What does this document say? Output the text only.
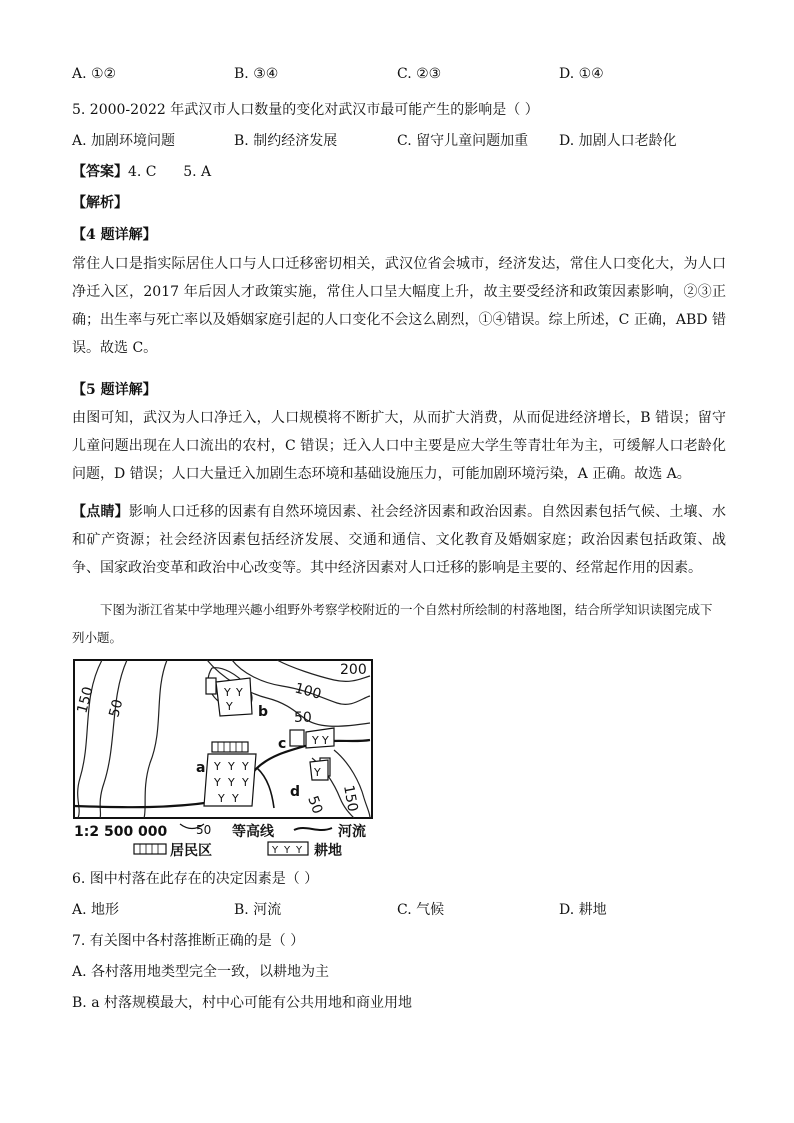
A. ①②	B. ③④	C. ②③	D. ①④
5. 2000-2022 年武汉市人口数量的变化对武汉市最可能产生的影响是（ ）
A. 加剧环境问题	B. 制约经济发展	C. 留守儿童问题加重 D. 加剧人口老龄化
【答案】4. C      5. A
【解析】
【4 题详解】
常住人口是指实际居住人口与人口迁移密切相关，武汉位省会城市，经济发达，常住人口变化大，为人口净迁入区，2017 年后因人才政策实施，常住人口呈大幅度上升，故主要受经济和政策因素影响，②③正确；出生率与死亡率以及婚姻家庭引起的人口变化不会这么剧烈，①④错误。综上所述，C 正确，ABD 错误。故选 C。
【5 题详解】
由图可知，武汉为人口净迁入，人口规模将不断扩大，从而扩大消费，从而促进经济增长，B 错误；留守儿童问题出现在人口流出的农村，C 错误；迁入人口中主要是应大学生等青壮年为主，可缓解人口老龄化问题，D 错误；人口大量迁入加剧生态环境和基础设施压力，可能加剧环境污染，A 正确。故选 A。
【点睛】影响人口迁移的因素有自然环境因素、社会经济因素和政治因素。自然因素包括气候、土壤、水和矿产资源；社会经济因素包括经济发展、交通和通信、文化教育及婚姻家庭；政治因素包括政策、战争、国家政治变革和政治中心改变等。其中经济因素对人口迁移的影响是主要的、经常起作用的因素。
下图为浙江省某中学地理兴趣小组野外考察学校附近的一个自然村所绘制的村落地图，结合所学知识读图完成下列小题。
Y Y Y
Y Y Y
Y Y
Y Y
Y
Y Y
Y
150 50
100
200
50
50 150
a
b
c
d
1:2 500 000 50 等高线	河流
居民区	Y Y Y 耕地
6. 图中村落在此存在的决定因素是（ ）
A. 地形	B. 河流	C. 气候	D. 耕地
7. 有关图中各村落推断正确的是（ ）
A. 各村落用地类型完全一致，以耕地为主
B. a 村落规模最大，村中心可能有公共用地和商业用地
